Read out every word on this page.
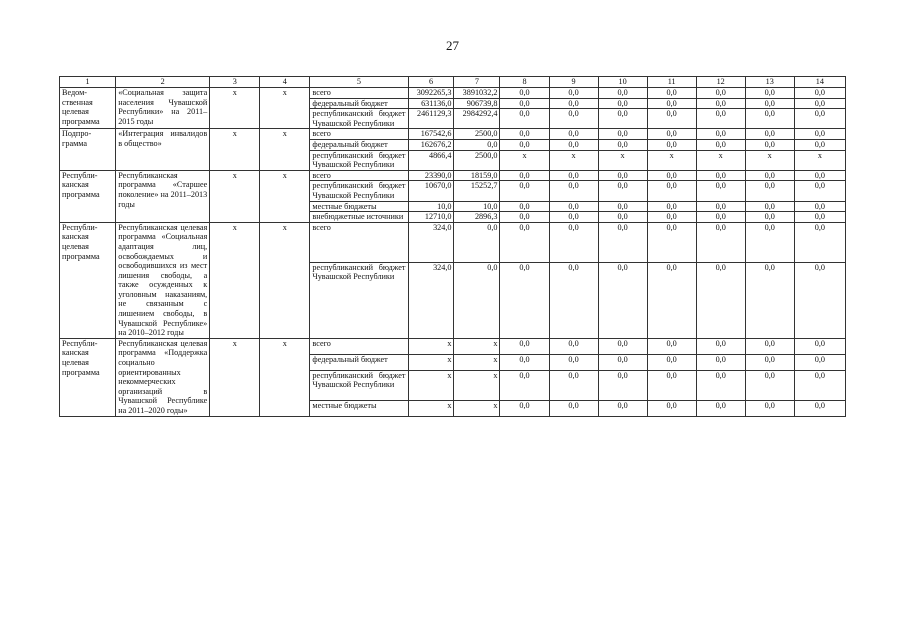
27
1	2	3	4	5	6	7	8	9	10	11	12	13	14
Ведом-ственная целевая программа	«Социальная защита населения Чувашской Республики» на 2011–2015 годы	х	х	всего	3092265,3	3891032,2	0,0	0,0	0,0	0,0	0,0	0,0	0,0
				федеральный бюджет	631136,0	906739,8	0,0	0,0	0,0	0,0	0,0	0,0	0,0
				республиканский бюджет Чувашской Республики	2461129,3	2984292,4	0,0	0,0	0,0	0,0	0,0	0,0	0,0
Подпро-грамма	«Интеграция инвалидов в общество»	х	х	всего	167542,6	2500,0	0,0	0,0	0,0	0,0	0,0	0,0	0,0
				федеральный бюджет	162676,2	0,0	0,0	0,0	0,0	0,0	0,0	0,0	0,0
				республиканский бюджет Чувашской Республики	4866,4	2500,0	х	х	х	х	х	х	х
Республи-канская программа	Республиканская программа «Старшее поколение» на 2011–2013 годы	х	х	всего	23390,0	18159,0	0,0	0,0	0,0	0,0	0,0	0,0	0,0
				республиканский бюджет Чувашской Республики	10670,0	15252,7	0,0	0,0	0,0	0,0	0,0	0,0	0,0
				местные бюджеты	10,0	10,0	0,0	0,0	0,0	0,0	0,0	0,0	0,0
				внебюджетные источники	12710,0	2896,3	0,0	0,0	0,0	0,0	0,0	0,0	0,0
Республи-канская целевая программа	Республиканская целевая программа «Социальная адаптация лиц, освобождаемых и освободившихся из мест лишения свободы, а также осужденных к уголовным наказаниям, не связанным с лишением свободы, в Чувашской Республике» на 2010–2012 годы	х	х	всего	324,0	0,0	0,0	0,0	0,0	0,0	0,0	0,0	0,0
				республиканский бюджет Чувашской Республики	324,0	0,0	0,0	0,0	0,0	0,0	0,0	0,0	0,0
Республи-канская целевая программа	Республиканская целевая программа «Поддержка социально ориентированных некоммерческих организаций в Чувашской Республике на 2011–2020 годы»	х	х	всего	х	х	0,0	0,0	0,0	0,0	0,0	0,0	0,0
				федеральный бюджет	х	х	0,0	0,0	0,0	0,0	0,0	0,0	0,0
				республиканский бюджет Чувашской Республики	х	х	0,0	0,0	0,0	0,0	0,0	0,0	0,0
				местные бюджеты	х	х	0,0	0,0	0,0	0,0	0,0	0,0	0,0
